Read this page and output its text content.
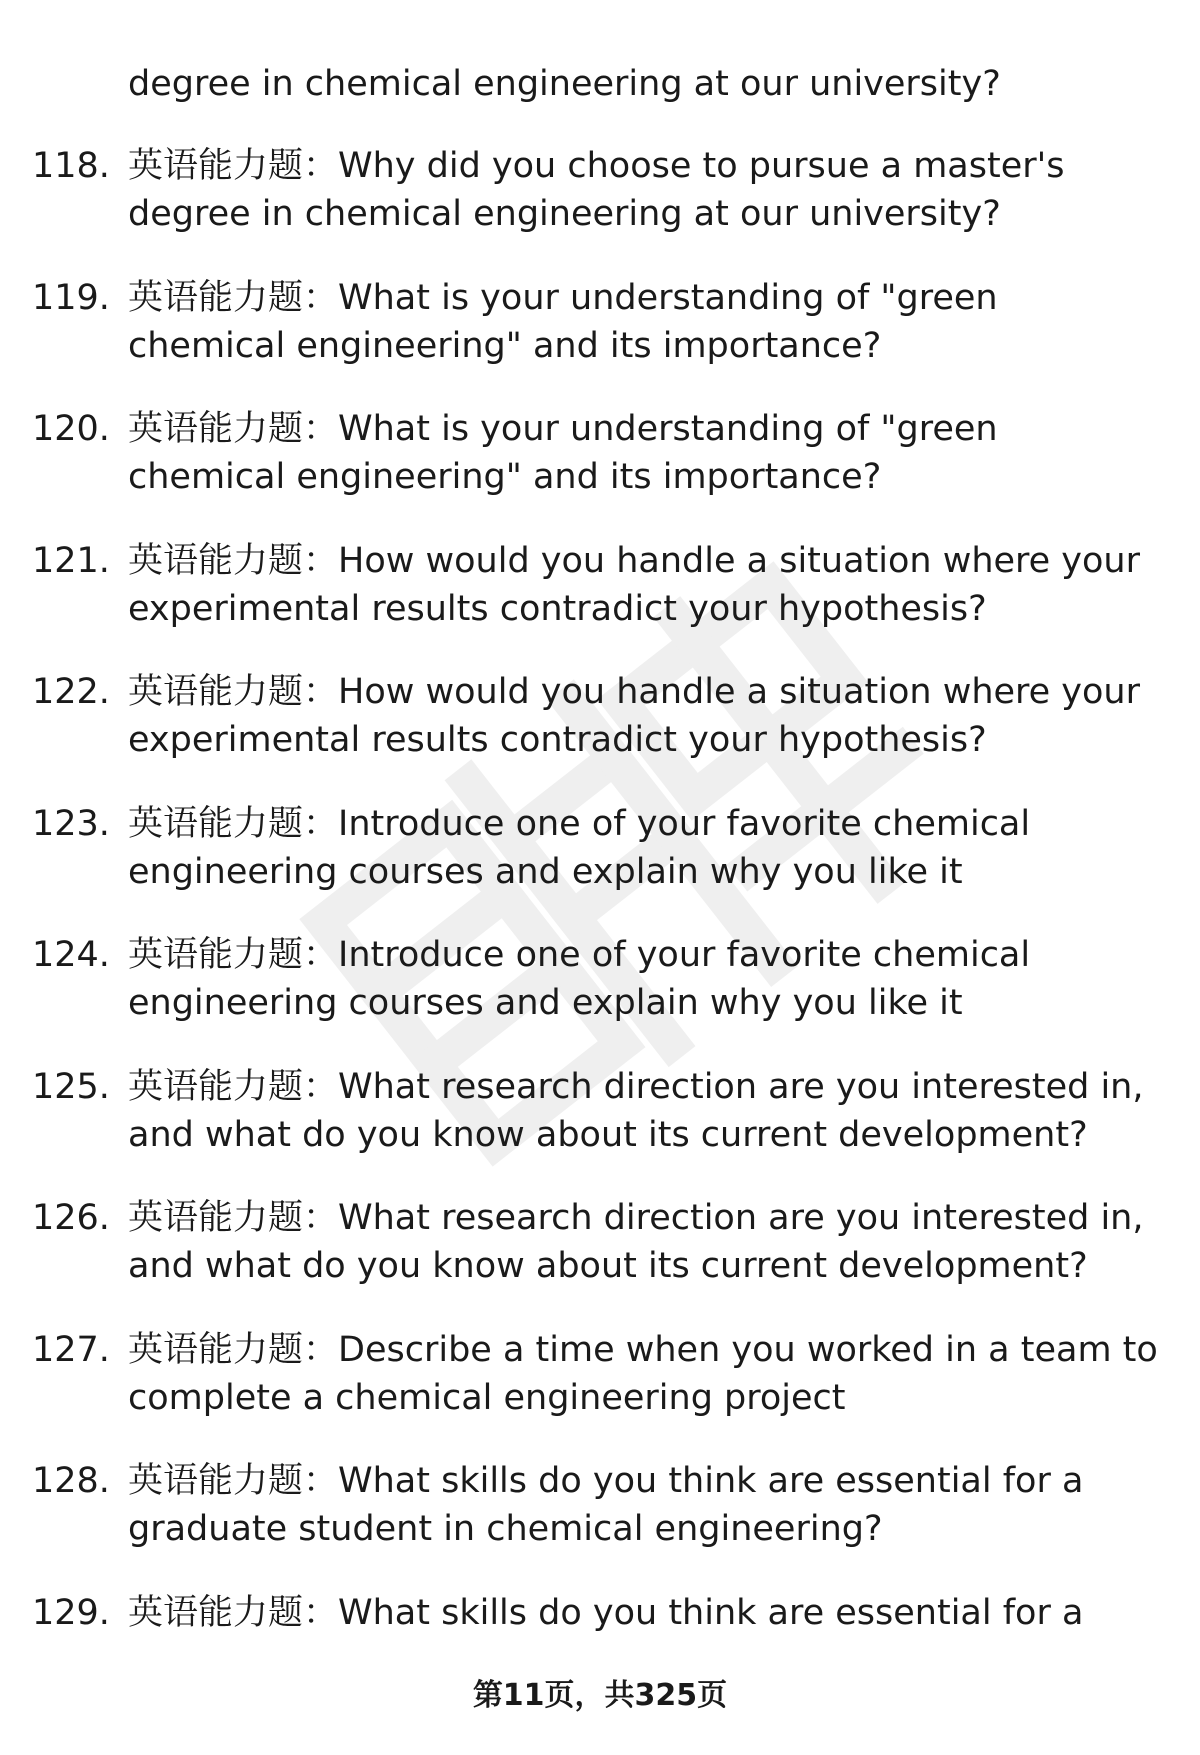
degree in chemical engineering at our university?
118. 英语能力题：Why did you choose to pursue a master's
degree in chemical engineering at our university?
119. 英语能力题：What is your understanding of "green
chemical engineering" and its importance?
120. 英语能力题：What is your understanding of "green
chemical engineering" and its importance?
121. 英语能力题：How would you handle a situation where your
experimental results contradict your hypothesis?
122. 英语能力题：How would you handle a situation where your
experimental results contradict your hypothesis?
123. 英语能力题：Introduce one of your favorite chemical
engineering courses and explain why you like it
124. 英语能力题：Introduce one of your favorite chemical
engineering courses and explain why you like it
125. 英语能力题：What research direction are you interested in,
and what do you know about its current development?
126. 英语能力题：What research direction are you interested in,
and what do you know about its current development?
127. 英语能力题：Describe a time when you worked in a team to
complete a chemical engineering project
128. 英语能力题：What skills do you think are essential for a
graduate student in chemical engineering?
129. 英语能力题：What skills do you think are essential for a
第11页，共325页
